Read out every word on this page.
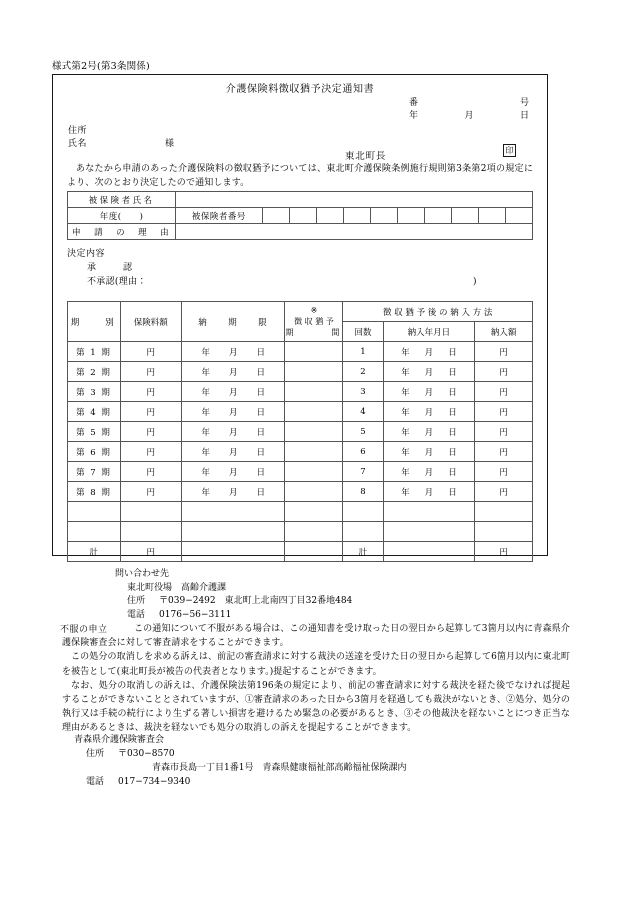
様式第2号(第3条関係)
介護保険料徴収猶予決定通知書
番	号
年	月	日
住所
氏名	様
東北町長
印
あなたから申請のあった介護保険料の徴収猶予については、東北町介護保険条例施行規則第3条第2項の規定により、次のとおり決定したので通知します。
被保険者氏名											
年度(　　)	被保険者番号										
申　請　の　理　由											
決定内容
承　　認
不承認(理由：	)
期　　別	保険料額	納　　期　　限	※
徴 収 猶 予
期 間	徴 収 猶 予 後 の 納 入 方 法		
				回数	納入年月日	納入額
第 1 期	円	年 月 日		1	年 月 日	円
第 2 期	円	年 月 日		2	年 月 日	円
第 3 期	円	年 月 日		3	年 月 日	円
第 4 期	円	年 月 日		4	年 月 日	円
第 5 期	円	年 月 日		5	年 月 日	円
第 6 期	円	年 月 日		6	年 月 日	円
第 7 期	円	年 月 日		7	年 月 日	円
第 8 期	円	年 月 日		8	年 月 日	円

計	円			計		円
問い合わせ先
東北町役場　高齢介護課
住所 〒039−2492　東北町上北南四丁目32番地484
電話 0176−56−3111
不服の申立	この通知について不服がある場合は、この通知書を受け取った日の翌日から起算して3箇月以内に青森県介護保険審査会に対して審査請求をすることができます。

この処分の取消しを求める訴えは、前記の審査請求に対する裁決の送達を受けた日の翌日から起算して6箇月以内に東北町を被告として(東北町長が被告の代表者となります。)提起することができます。

なお、処分の取消しの訴えは、介護保険法第196条の規定により、前記の審査請求に対する裁決を経た後でなければ提起することができないこととされていますが、①審査請求のあった日から3箇月を経過しても裁決がないとき、②処分、処分の執行又は手続の続行により生ずる著しい損害を避けるため緊急の必要があるとき、③その他裁決を経ないことにつき正当な理由があるときは、裁決を経ないでも処分の取消しの訴えを提起することができます。

青森県介護保険審査会
住所 〒030−8570
青森市長島一丁目1番1号　青森県健康福祉部高齢福祉保険課内
電話 017−734−9340
